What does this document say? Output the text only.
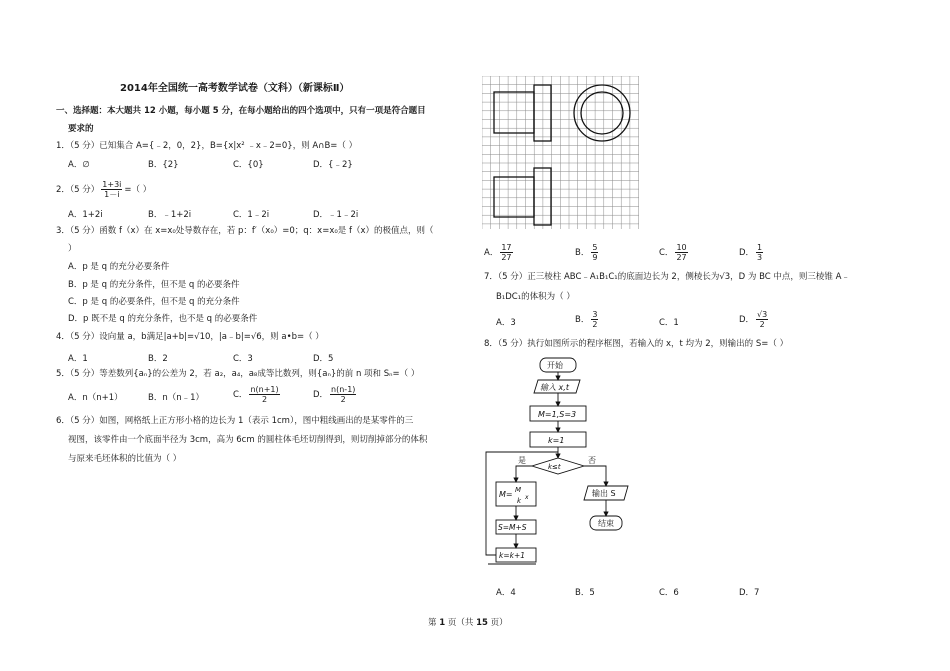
2014年全国统一高考数学试卷（文科）（新课标Ⅱ）
一、选择题：本大题共 12 小题，每小题 5 分，在每小题给出的四个选项中，只有一项是符合题目
要求的
1．（5 分）已知集合 A={﹣2，0，2}，B={x|x² ﹣x﹣2=0}，则 A∩B=（ ）
A．∅	B．{2}	C．{0}	D．{﹣2}
2．（5 分） $\frac{1+3i}{1-i}$ =（ ）
A．1+2i	B．﹣1+2i	C．1﹣2i	D．﹣1﹣2i
3．（5 分）函数 f（x）在 x=x₀处导数存在，若 p：f′（x₀）=0；q：x=x₀是 f（x）的极值点，则（
）
A．p 是 q 的充分必要条件
B．p 是 q 的充分条件，但不是 q 的必要条件
C．p 是 q 的必要条件，但不是 q 的充分条件
D．p 既不是 q 的充分条件，也不是 q 的必要条件
4．（5 分）设向量 a，b满足|a+b|=√10，|a﹣b|=√6，则 a•b=（ ）
A．1	B．2	C．3	D．5
5．（5 分）等差数列{aₙ}的公差为 2，若 a₂，a₄，a₈成等比数列，则{aₙ}的前 n 项和 Sₙ=（ ）
A．n（n+1）	B．n（n﹣1）	C． $\frac{n(n+1)}{2}$	D． $\frac{n(n-1)}{2}$
6．（5 分）如图，网格纸上正方形小格的边长为 1（表示 1cm），图中粗线画出的是某零件的三
视图，该零件由一个底面半径为 3cm，高为 6cm 的圆柱体毛坯切削得到，则切削掉部分的体积
与原来毛坯体积的比值为（ ）
A． $\frac{17}{27}$	B． $\frac{5}{9}$	C． $\frac{10}{27}$	D． $\frac{1}{3}$
7．（5 分）正三棱柱 ABC﹣A₁B₁C₁的底面边长为 2，侧棱长为√3，D 为 BC 中点，则三棱锥 A﹣
B₁DC₁的体积为（ ）
A．3	B． $\frac{3}{2}$	C．1	D． $\frac{√3}{2}$
8．（5 分）执行如图所示的程序框图，若输入的 x，t 均为 2，则输出的 S=（ ）
开始
输入 x,t
M=1,S=3
k=1
k≤t
是	否
M= M
k x
S=M+S
k=k+1
输出 S
结束
A．4	B．5	C．6	D．7
第 1 页（共 15 页）
